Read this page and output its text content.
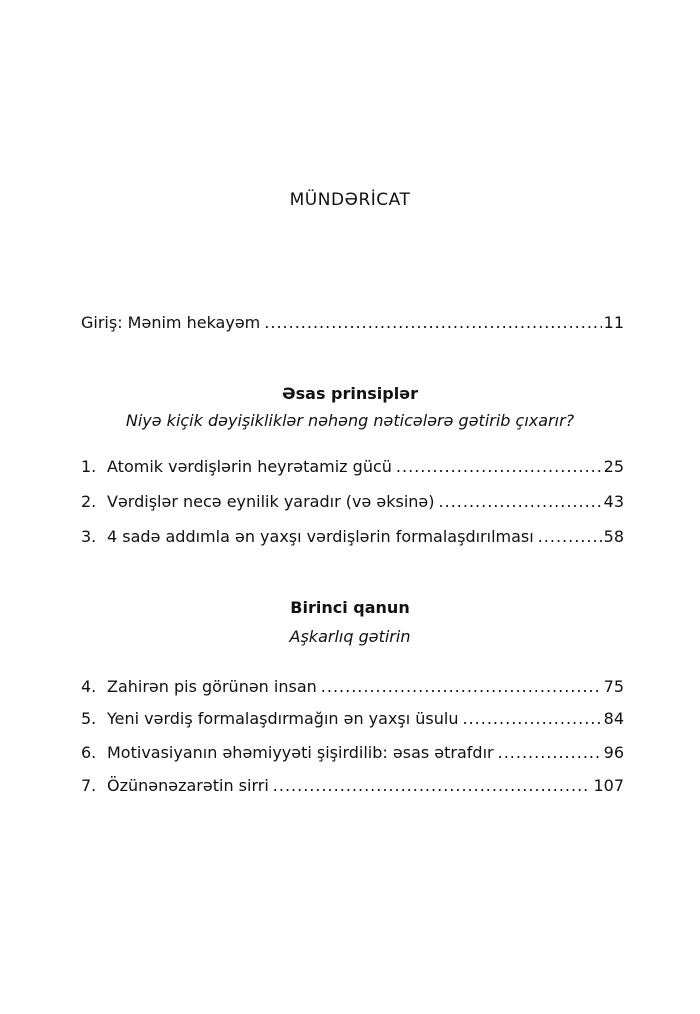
MÜNDƏRİCAT
Giriş: Mənim hekayəm .....	11
Əsas prinsiplər
Niyə kiçik dəyişikliklər nəhəng nəticələrə gətirib çıxarır?
1. Atomik vərdişlərin heyrətamiz gücü .....	25
2. Vərdişlər necə eynilik yaradır (və əksinə) .....	43
3. 4 sadə addımla ən yaxşı vərdişlərin formalaşdırılması .....	58
Birinci qanun
Aşkarlıq gətirin
4. Zahirən pis görünən insan .....	75
5. Yeni vərdiş formalaşdırmağın ən yaxşı üsulu .....	84
6. Motivasiyanın əhəmiyyəti şişirdilib: əsas ətrafdır .....	96
7. Özünənəzarətin sirri .....	107
